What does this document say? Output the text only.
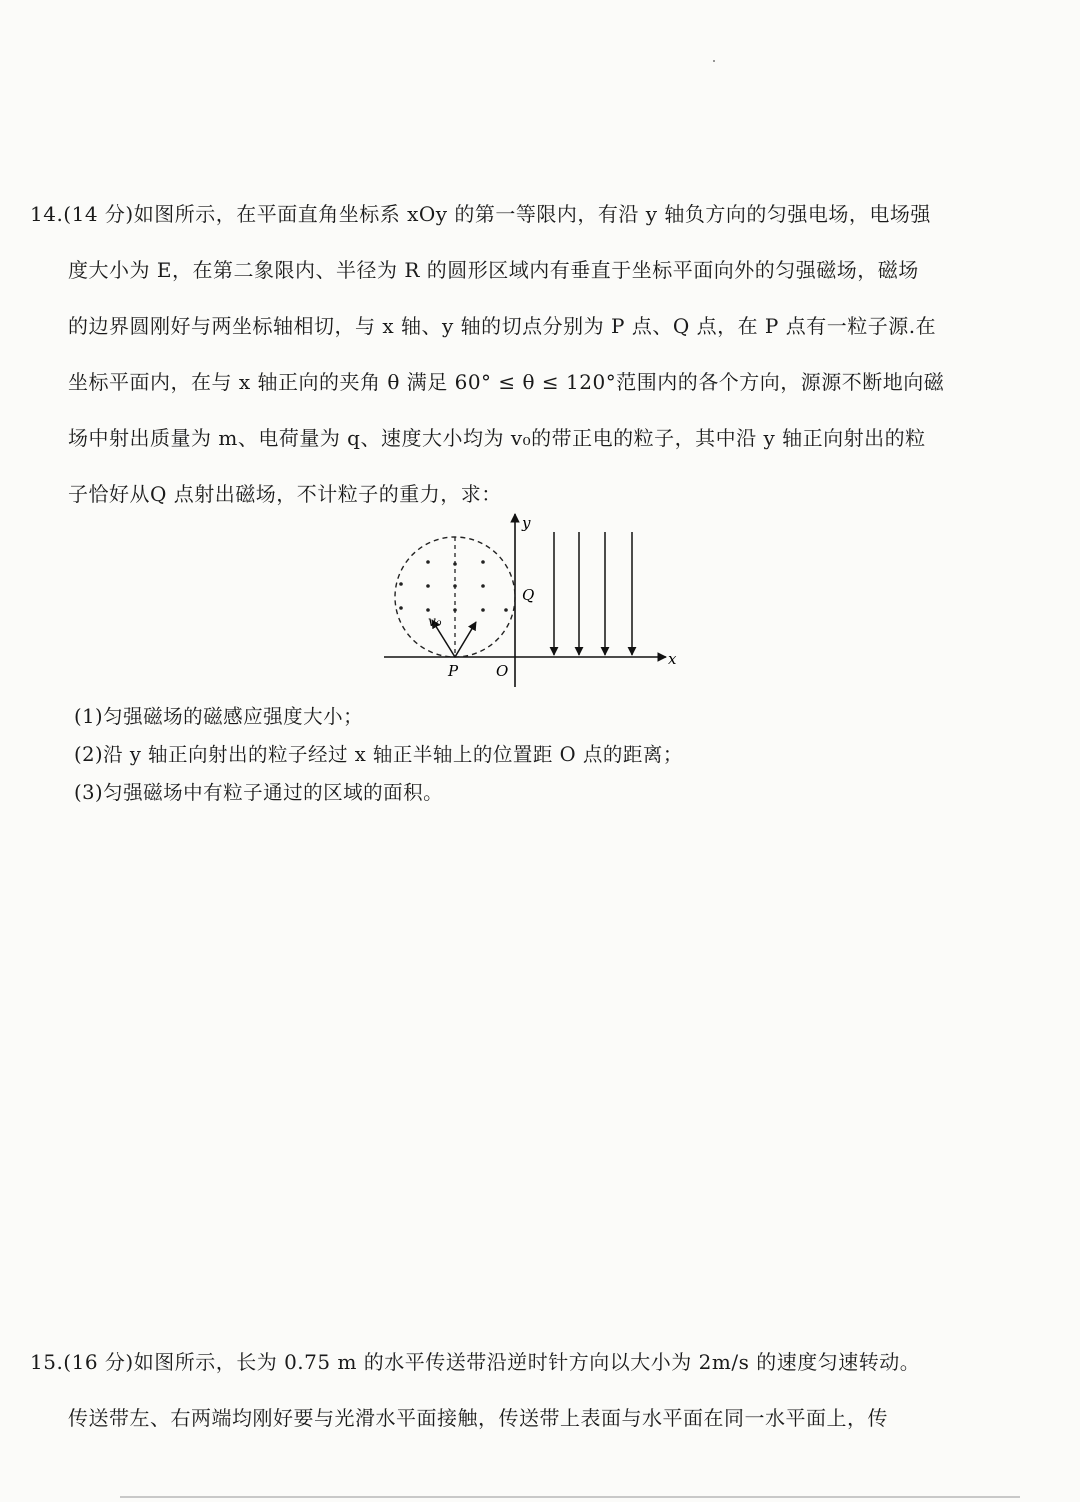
14.(14 分)如图所示，在平面直角坐标系 xOy 的第一等限内，有沿 y 轴负方向的匀强电场，电场强
度大小为 E，在第二象限内、半径为 R 的圆形区域内有垂直于坐标平面向外的匀强磁场，磁场
的边界圆刚好与两坐标轴相切，与 x 轴、y 轴的切点分别为 P 点、Q 点，在 P 点有一粒子源.在
坐标平面内，在与 x 轴正向的夹角 θ 满足 60° ≤ θ ≤ 120°范围内的各个方向，源源不断地向磁
场中射出质量为 m、电荷量为 q、速度大小均为 v₀的带正电的粒子，其中沿 y 轴正向射出的粒
子恰好从Q 点射出磁场，不计粒子的重力，求：
y
x
Q
P	O
v₀
(1)匀强磁场的磁感应强度大小；
(2)沿 y 轴正向射出的粒子经过 x 轴正半轴上的位置距 O 点的距离；
(3)匀强磁场中有粒子通过的区域的面积。
15.(16 分)如图所示，长为 0.75 m 的水平传送带沿逆时针方向以大小为 2m/s 的速度匀速转动。
传送带左、右两端均刚好要与光滑水平面接触，传送带上表面与水平面在同一水平面上，传
